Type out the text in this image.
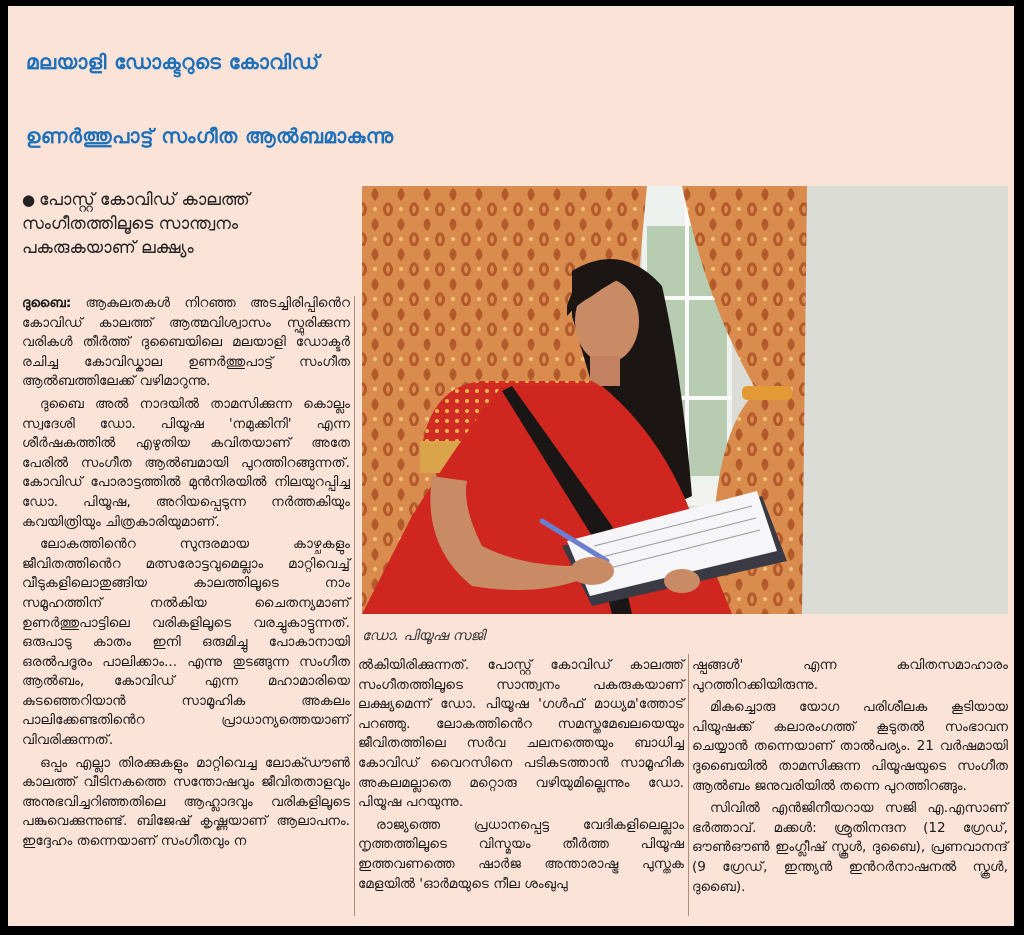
മലയാളി ഡോക്ടറുടെ കോവിഡ്
ഉണർത്തുപാട്ട് സംഗീത ആൽബമാകുന്നു
● പോസ്റ്റ് കോവിഡ് കാലത്ത്
സംഗീതത്തിലൂടെ സാന്ത്വനം
പകരുകയാണ് ലക്ഷ്യം

ദുബൈ: ആകുലതകൾ നിറഞ്ഞ അടച്ചിരിപ്പിൻെറ കോവിഡ് കാലത്ത് ആത്മവിശ്വാസം സ്ഫുരിക്കുന്ന വരികൾ തീർത്ത് ദുബൈയിലെ മലയാളി ഡോക്ടർ രചിച്ച കോവിഡ്കാല ഉണർത്തുപാട്ട് സംഗീത ആൽബത്തിലേക്ക് വഴിമാറുന്നു.

ദുബൈ അൽ നാദയിൽ താമസിക്കുന്ന കൊല്ലം സ്വദേശി ഡോ. പിയൂഷ 'നമുക്കിനി' എന്ന ശീർഷകത്തിൽ എഴുതിയ കവിതയാണ് അതേ പേരിൽ സംഗീത ആൽബമായി പുറത്തിറങ്ങുന്നത്. കോവിഡ് പോരാട്ടത്തിൽ മുൻനിരയിൽ നിലയുറപ്പിച്ച ഡോ. പിയൂഷ, അറിയപ്പെടുന്ന നർത്തകിയും കവയിത്രിയും ചിത്രകാരിയുമാണ്.

ലോകത്തിൻെറ സുന്ദരമായ കാഴ്ചകളും ജീവിതത്തിൻെറ മത്സരോട്ടവുമെല്ലാം മാറ്റിവെച്ച് വീടുകളിലൊതുങ്ങിയ കാലത്തിലൂടെ നാം സമൂഹത്തിന് നൽകിയ ചൈതന്യമാണ് ഉണർത്തുപാട്ടിലെ വരികളിലൂടെ വരച്ചുകാട്ടുന്നത്. ഒരുപാടു കാതം ഇനി ഒരുമിച്ചു പോകാനായി ഒരൽപദൂരം പാലിക്കാം... എന്നു തുടങ്ങുന്ന സംഗീത ആൽബം, കോവിഡ് എന്ന മഹാമാരിയെ കുടഞ്ഞെറിയാൻ സാമൂഹിക അകലം പാലിക്കേണ്ടതിൻെറ പ്രാധാന്യത്തെയാണ് വിവരിക്കുന്നത്.

ഒപ്പം എല്ലാ തിരക്കുകളും മാറ്റിവെച്ച ലോക്ഡൗൺ കാലത്ത് വീടിനകത്തെ സന്തോഷവും ജീവിതതാളവും അനുഭവിച്ചറിഞ്ഞതിലെ ആഹ്ലാദവും വരികളിലൂടെ പങ്കുവെക്കുന്നുണ്ട്. ബിജേഷ് കൃഷ്ണയാണ് ആലാപനം. ഇദ്ദേഹം തന്നെയാണ് സംഗീതവും ന

ഡോ. പിയൂഷ സജി

ൽകിയിരിക്കുന്നത്. പോസ്റ്റ് കോവിഡ് കാലത്ത് സംഗീതത്തിലൂടെ സാന്ത്വനം പകരുകയാണ് ലക്ഷ്യമെന്ന് ഡോ. പിയൂഷ 'ഗൾഫ് മാധ്യമ'ത്തോട് പറഞ്ഞു. ലോകത്തിൻെറ സമസ്തമേഖലയെയും ജീവിതത്തിലെ സർവ ചലനത്തെയും ബാധിച്ച കോവിഡ് വൈറസിനെ പടികടത്താൻ സാമൂഹിക അകലമല്ലാതെ മറ്റൊരു വഴിയുമില്ലെന്നും ഡോ. പിയൂഷ പറയുന്നു.

രാജ്യത്തെ പ്രധാനപ്പെട്ട വേദികളിലെല്ലാം നൃത്തത്തിലൂടെ വിസ്മയം തീർത്ത പിയൂഷ ഇത്തവണത്തെ ഷാർജ അന്താരാഷ്ട്ര പുസ്തക മേളയിൽ 'ഓർമയുടെ നീല ശംഖുപു

ഷ്പങ്ങൾ' എന്ന കവിതസമാഹാരം പുറത്തിറക്കിയിരുന്നു.

മികച്ചൊരു യോഗ പരിശീലക കൂടിയായ പിയൂഷക്ക് കലാരംഗത്ത് കൂടുതൽ സംഭാവന ചെയ്യാൻ തന്നെയാണ് താൽപര്യം. 21 വർഷമായി ദുബൈയിൽ താമസിക്കുന്ന പിയൂഷയുടെ സംഗീത ആൽബം ജനുവരിയിൽ തന്നെ പുറത്തിറങ്ങും.

സിവിൽ എൻജിനീയറായ സജി എ.എസാണ് ഭർത്താവ്. മക്കൾ: ശ്രുതിനന്ദന (12 ഗ്രേഡ്, ഔൺഔൺ ഇംഗ്ലീഷ് സ്കൂൾ, ദുബൈ), പ്രണവാനന്ദ് (9 ഗ്രേഡ്, ഇന്ത്യൻ ഇൻറർനാഷനൽ സ്കൂൾ, ദുബൈ).
